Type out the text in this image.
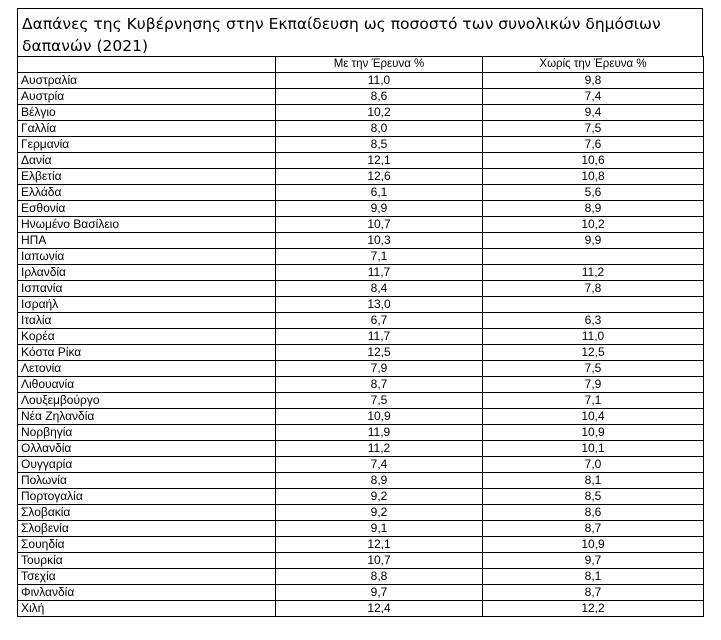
Δαπάνες της Κυβέρνησης στην Εκπαίδευση ως ποσοστό των συνολικών δημόσιων δαπανών (2021)
	Με την Έρευνα %	Χωρίς την Έρευνα %
Αυστραλία	11,0	9,8
Αυστρία	8,6	7,4
Βέλγιο	10,2	9,4
Γαλλία	8,0	7,5
Γερμανία	8,5	7,6
Δανία	12,1	10,6
Ελβετία	12,6	10,8
Ελλάδα	6,1	5,6
Εσθονία	9,9	8,9
Ηνωμένο Βασίλειο	10,7	10,2
ΗΠΑ	10,3	9,9
Ιαπωνία	7,1	
Ιρλανδία	11,7	11,2
Ισπανία	8,4	7,8
Ισραήλ	13,0	
Ιταλία	6,7	6,3
Κορέα	11,7	11,0
Κόστα Ρίκα	12,5	12,5
Λετονία	7,9	7,5
Λιθουανία	8,7	7,9
Λουξεμβούργο	7,5	7,1
Νέα Ζηλανδία	10,9	10,4
Νορβηγία	11,9	10,9
Ολλανδία	11,2	10,1
Ουγγαρία	7,4	7,0
Πολωνία	8,9	8,1
Πορτογαλία	9,2	8,5
Σλοβακία	9,2	8,6
Σλοβενία	9,1	8,7
Σουηδία	12,1	10,9
Τουρκία	10,7	9,7
Τσεχία	8,8	8,1
Φινλανδία	9,7	8,7
Χιλή	12,4	12,2
